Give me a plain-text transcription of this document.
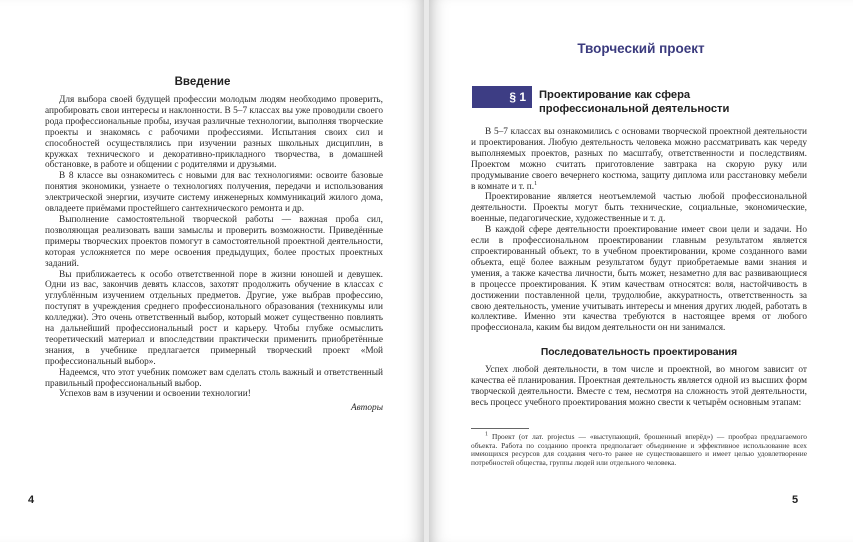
Введение

Для выбора своей будущей профессии молодым людям необходимо проверить, апробировать свои интересы и наклонности. В 5–7 классах вы уже проводили своего рода профессиональные пробы, изучая различные технологии, выполняя творческие проекты и знакомясь с рабочими профессиями. Испытания своих сил и способностей осуществлялись при изучении разных школьных дисциплин, в кружках технического и декоративно-прикладного творчества, в домашней обстановке, в работе и общении с родителями и друзьями.

В 8 классе вы ознакомитесь с новыми для вас технологиями: освоите базовые понятия экономики, узнаете о технологиях получения, передачи и использования электрической энергии, изучите систему инженерных коммуникаций жилого дома, овладеете приёмами простейшего сантехнического ремонта и др.

Выполнение самостоятельной творческой работы — важная проба сил, позволяющая реализовать ваши замыслы и проверить возможности. Приведённые примеры творческих проектов помогут в самостоятельной проектной деятельности, которая усложняется по мере освоения предыдущих, более простых проектных заданий.

Вы приближаетесь к особо ответственной поре в жизни юношей и девушек. Одни из вас, закончив девять классов, захотят продолжить обучение в классах с углублённым изучением отдельных предметов. Другие, уже выбрав профессию, поступят в учреждения среднего профессионального образования (техникумы или колледжи). Это очень ответственный выбор, который может существенно повлиять на дальнейший профессиональный рост и карьеру. Чтобы глубже осмыслить теоретический материал и впоследствии практически применить приобретённые знания, в учебнике предлагается примерный творческий проект «Мой профессиональный выбор».

Надеемся, что этот учебник поможет вам сделать столь важный и ответственный правильный профессиональный выбор.

Успехов вам в изучении и освоении технологии!

Авторы

4
Творческий проект
5
§ 1	Проектирование как сфера профессиональной деятельности

В 5–7 классах вы ознакомились с основами творческой проектной деятельности и проектирования. Любую деятельность человека можно рассматривать как череду выполняемых проектов, разных по масштабу, ответственности и последствиям. Проектом можно считать приготовление завтрака на скорую руку или продумывание своего вечернего костюма, защиту диплома или расстановку мебели в комнате и т. п.$^1$

Проектирование является неотъемлемой частью любой профессиональной деятельности. Проекты могут быть технические, социальные, экономические, военные, педагогические, художественные и т. д.

В каждой сфере деятельности проектирование имеет свои цели и задачи. Но если в профессиональном проектировании главным результатом является спроектированный объект, то в учебном проектировании, кроме созданного вами объекта, ещё более важным результатом будут приобретаемые вами знания и умения, а также качества личности, быть может, незаметно для вас развивающиеся в процессе проектирования. К этим качествам относятся: воля, настойчивость в достижении поставленной цели, трудолюбие, аккуратность, ответственность за свою деятельность, умение учитывать интересы и мнения других людей, работать в коллективе. Именно эти качества требуются в настоящее время от любого профессионала, каким бы видом деятельности он ни занимался.

Последовательность проектирования

Успех любой деятельности, в том числе и проектной, во многом зависит от качества её планирования. Проектная деятельность является одной из высших форм творческой деятельности. Вместе с тем, несмотря на сложность этой деятельности, весь процесс учебного проектирования можно свести к четырём основным этапам:

$^1$ Проект (от лат. projectus — «выступающий, брошенный вперёд») — прообраз предлагаемого объекта. Работа по созданию проекта предполагает объединение и эффективное использование всех имеющихся ресурсов для создания чего-то ранее не существовавшего и имеет целью удовлетворение потребностей общества, группы людей или отдельного человека.
